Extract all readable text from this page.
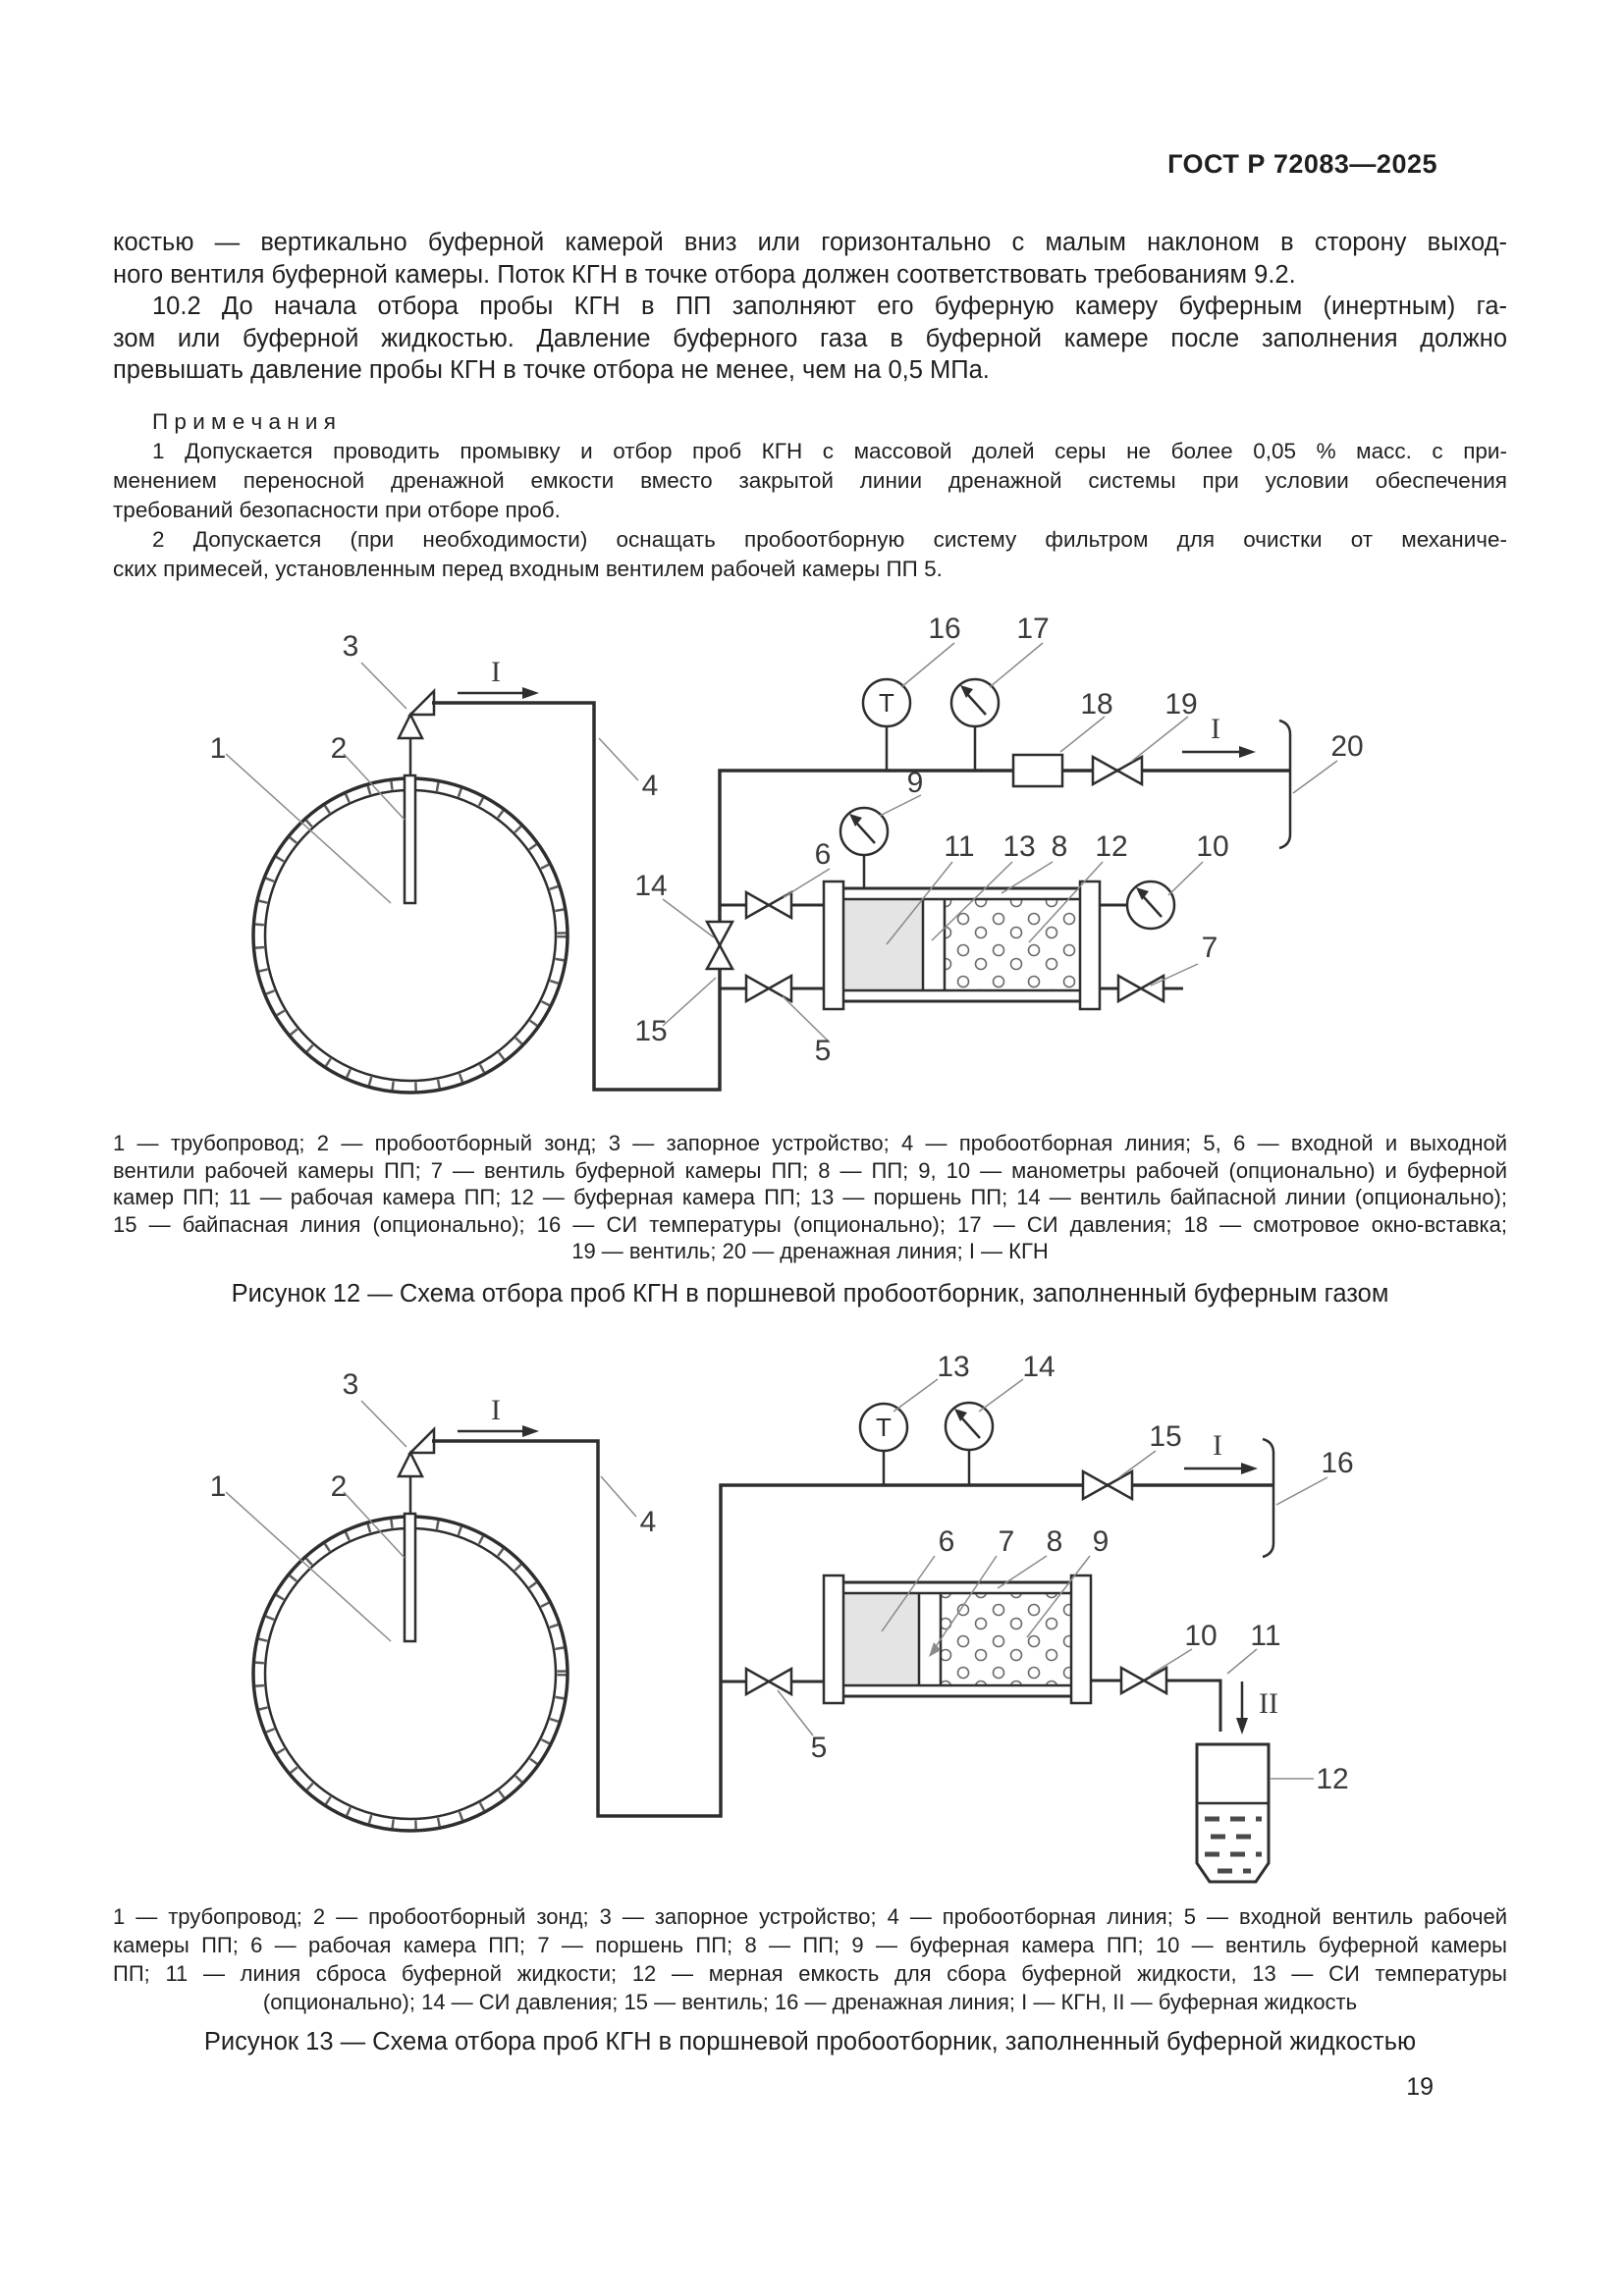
ГОСТ Р 72083—2025
костью — вертикально буферной камерой вниз или горизонтально с малым наклоном в сторону выход-
ного вентиля буферной камеры. Поток КГН в точке отбора должен соответствовать требованиям 9.2.
10.2 До начала отбора пробы КГН в ПП заполняют его буферную камеру буферным (инертным) га-
зом или буферной жидкостью. Давление буферного газа в буферной камере после заполнения должно
превышать давление пробы КГН в точке отбора не менее, чем на 0,5 МПа.
П р и м е ч а н и я
1 Допускается проводить промывку и отбор проб КГН с массовой долей серы не более 0,05 % масс. с при-
менением переносной дренажной емкости вместо закрытой линии дренажной системы при условии обеспечения
требований безопасности при отборе проб.
2 Допускается (при необходимости) оснащать пробоотборную систему фильтром для очистки от механиче-
ских примесей, установленным перед входным вентилем рабочей камеры ПП 5.
I
T
I
1	2
3
4
5
6
7
8
9
10
11	12
13
14
15
16 17
18 19
20
1 — трубопровод; 2 — пробоотборный зонд; 3 — запорное устройство; 4 — пробоотборная линия; 5, 6 — входной и выходной
вентили рабочей камеры ПП; 7 — вентиль буферной камеры ПП; 8 — ПП; 9, 10 — манометры рабочей (опционально) и буферной
камер ПП; 11 — рабочая камера ПП; 12 — буферная камера ПП; 13 — поршень ПП; 14 — вентиль байпасной линии (опционально);
15 — байпасная линия (опционально); 16 — СИ температуры (опционально); 17 — СИ давления; 18 — смотровое окно-вставка;
19 — вентиль; 20 — дренажная линия; I — КГН
Рисунок 12 — Схема отбора проб КГН в поршневой пробоотборник, заполненный буферным газом
I
T
I
II
1	2
3
4
5
6 7 8 9
10 11
12
13 14
15
16
1 — трубопровод; 2 — пробоотборный зонд; 3 — запорное устройство; 4 — пробоотборная линия; 5 — входной вентиль рабочей
камеры ПП; 6 — рабочая камера ПП; 7 — поршень ПП; 8 — ПП; 9 — буферная камера ПП; 10 — вентиль буферной камеры
ПП; 11 — линия сброса буферной жидкости; 12 — мерная емкость для сбора буферной жидкости, 13 — СИ температуры
(опционально); 14 — СИ давления; 15 — вентиль; 16 — дренажная линия; I — КГН, II — буферная жидкость
Рисунок 13 — Схема отбора проб КГН в поршневой пробоотборник, заполненный буферной жидкостью
19
